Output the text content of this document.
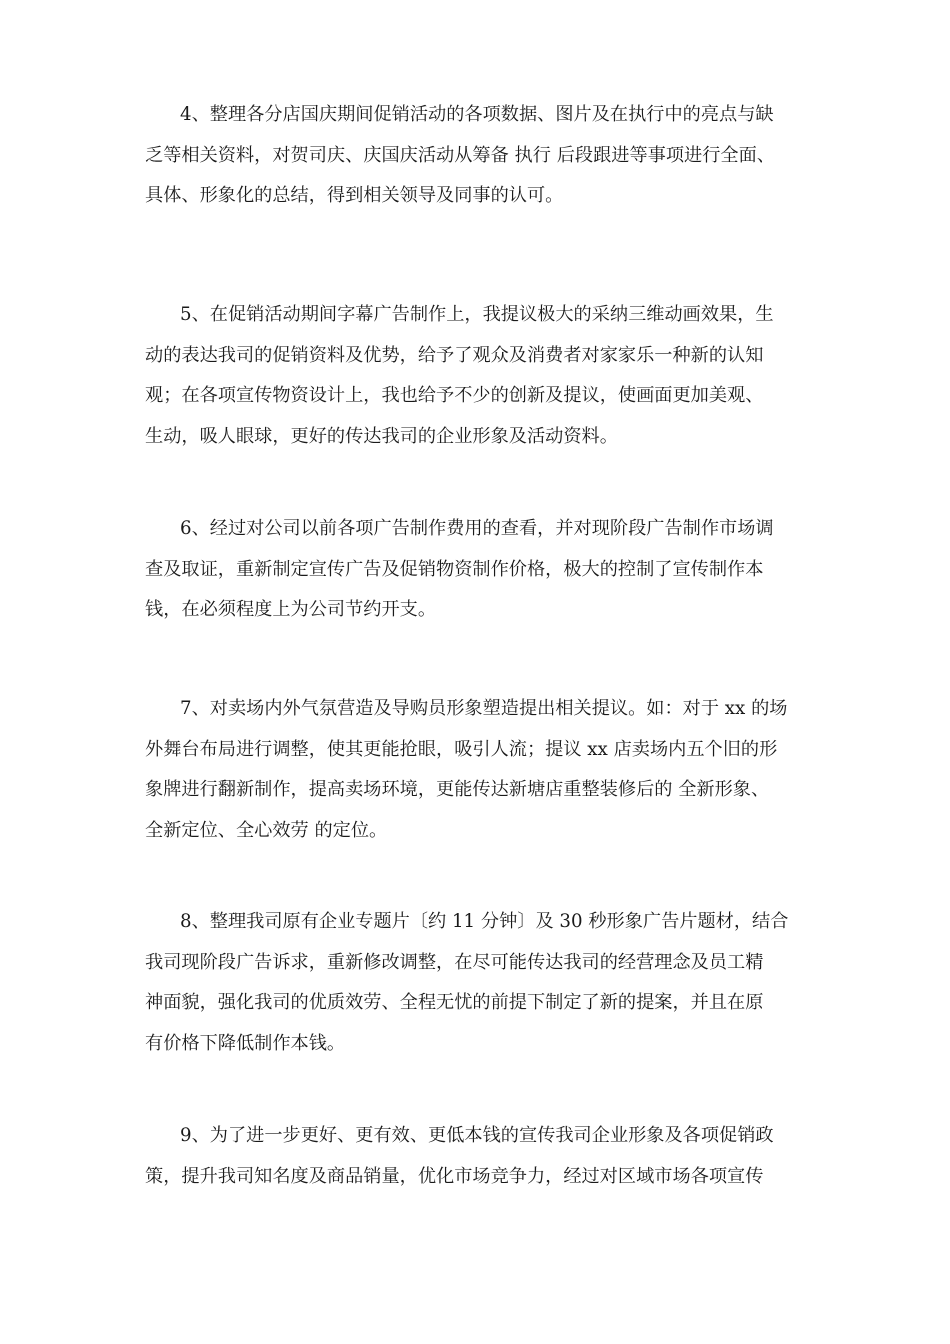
4、整理各分店国庆期间促销活动的各项数据、图片及在执行中的亮点与缺
乏等相关资料，对贺司庆、庆国庆活动从筹备 执行 后段跟进等事项进行全面、
具体、形象化的总结，得到相关领导及同事的认可。
5、在促销活动期间字幕广告制作上，我提议极大的采纳三维动画效果，生
动的表达我司的促销资料及优势，给予了观众及消费者对家家乐一种新的认知
观；在各项宣传物资设计上，我也给予不少的创新及提议，使画面更加美观、
生动，吸人眼球，更好的传达我司的企业形象及活动资料。
6、经过对公司以前各项广告制作费用的查看，并对现阶段广告制作市场调
查及取证，重新制定宣传广告及促销物资制作价格，极大的控制了宣传制作本
钱，在必须程度上为公司节约开支。
7、对卖场内外气氛营造及导购员形象塑造提出相关提议。如：对于 xx 的场
外舞台布局进行调整，使其更能抢眼，吸引人流；提议 xx 店卖场内五个旧的形
象牌进行翻新制作，提高卖场环境，更能传达新塘店重整装修后的 全新形象、
全新定位、全心效劳 的定位。
8、整理我司原有企业专题片〔约 11 分钟〕及 30 秒形象广告片题材，结合
我司现阶段广告诉求，重新修改调整，在尽可能传达我司的经营理念及员工精
神面貌，强化我司的优质效劳、全程无忧的前提下制定了新的提案，并且在原
有价格下降低制作本钱。
9、为了进一步更好、更有效、更低本钱的宣传我司企业形象及各项促销政
策，提升我司知名度及商品销量，优化市场竞争力，经过对区域市场各项宣传
